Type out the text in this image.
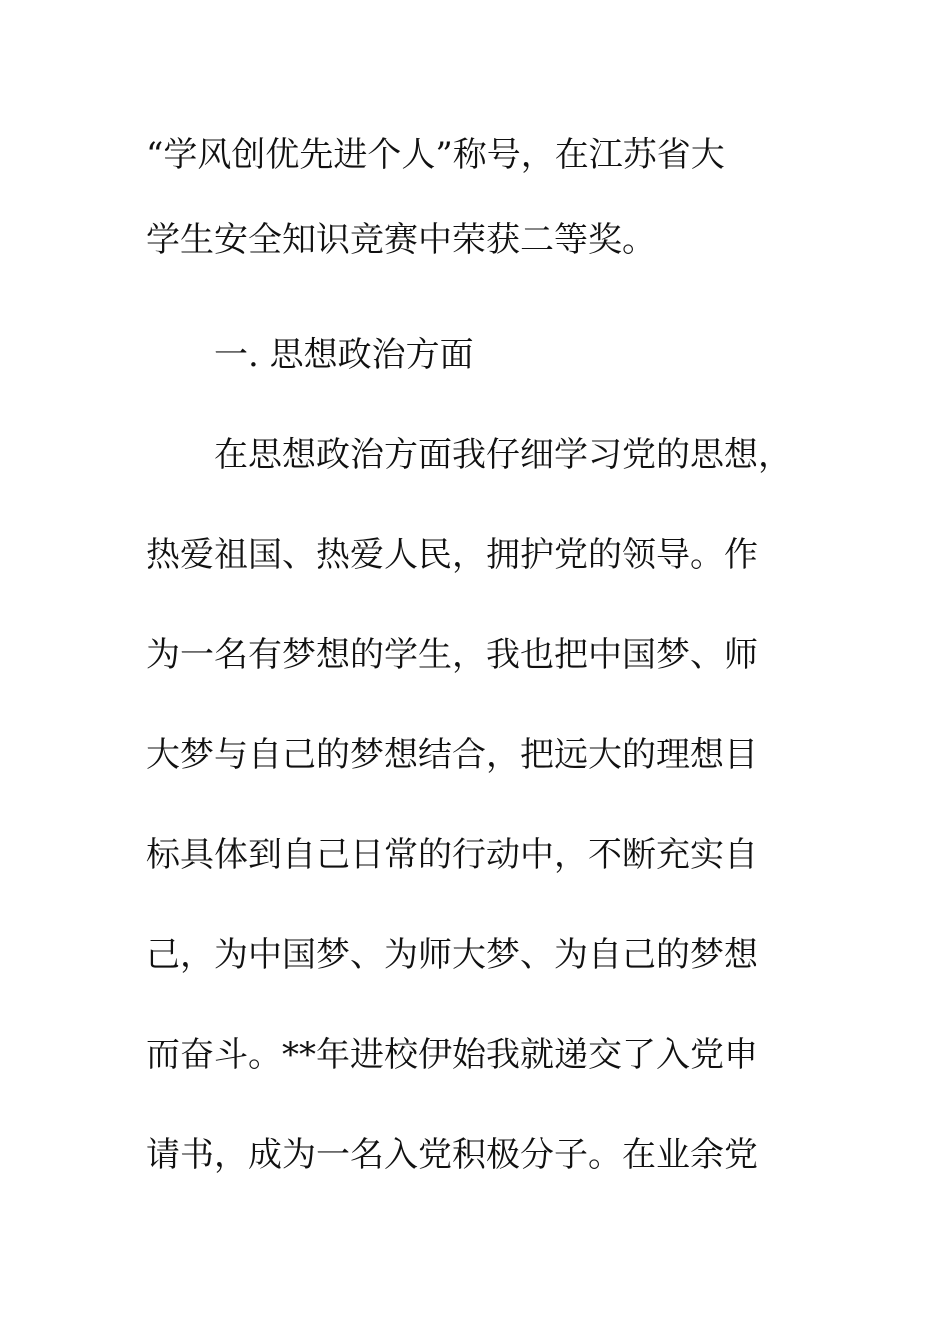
“学风创优先进个人”称号，在江苏省大
学生安全知识竞赛中荣获二等奖。
一. 思想政治方面
在思想政治方面我仔细学习党的思想，
热爱祖国、热爱人民，拥护党的领导。作
为一名有梦想的学生，我也把中国梦、师
大梦与自己的梦想结合，把远大的理想目
标具体到自己日常的行动中，不断充实自
己，为中国梦、为师大梦、为自己的梦想
而奋斗。**年进校伊始我就递交了入党申
请书，成为一名入党积极分子。在业余党
